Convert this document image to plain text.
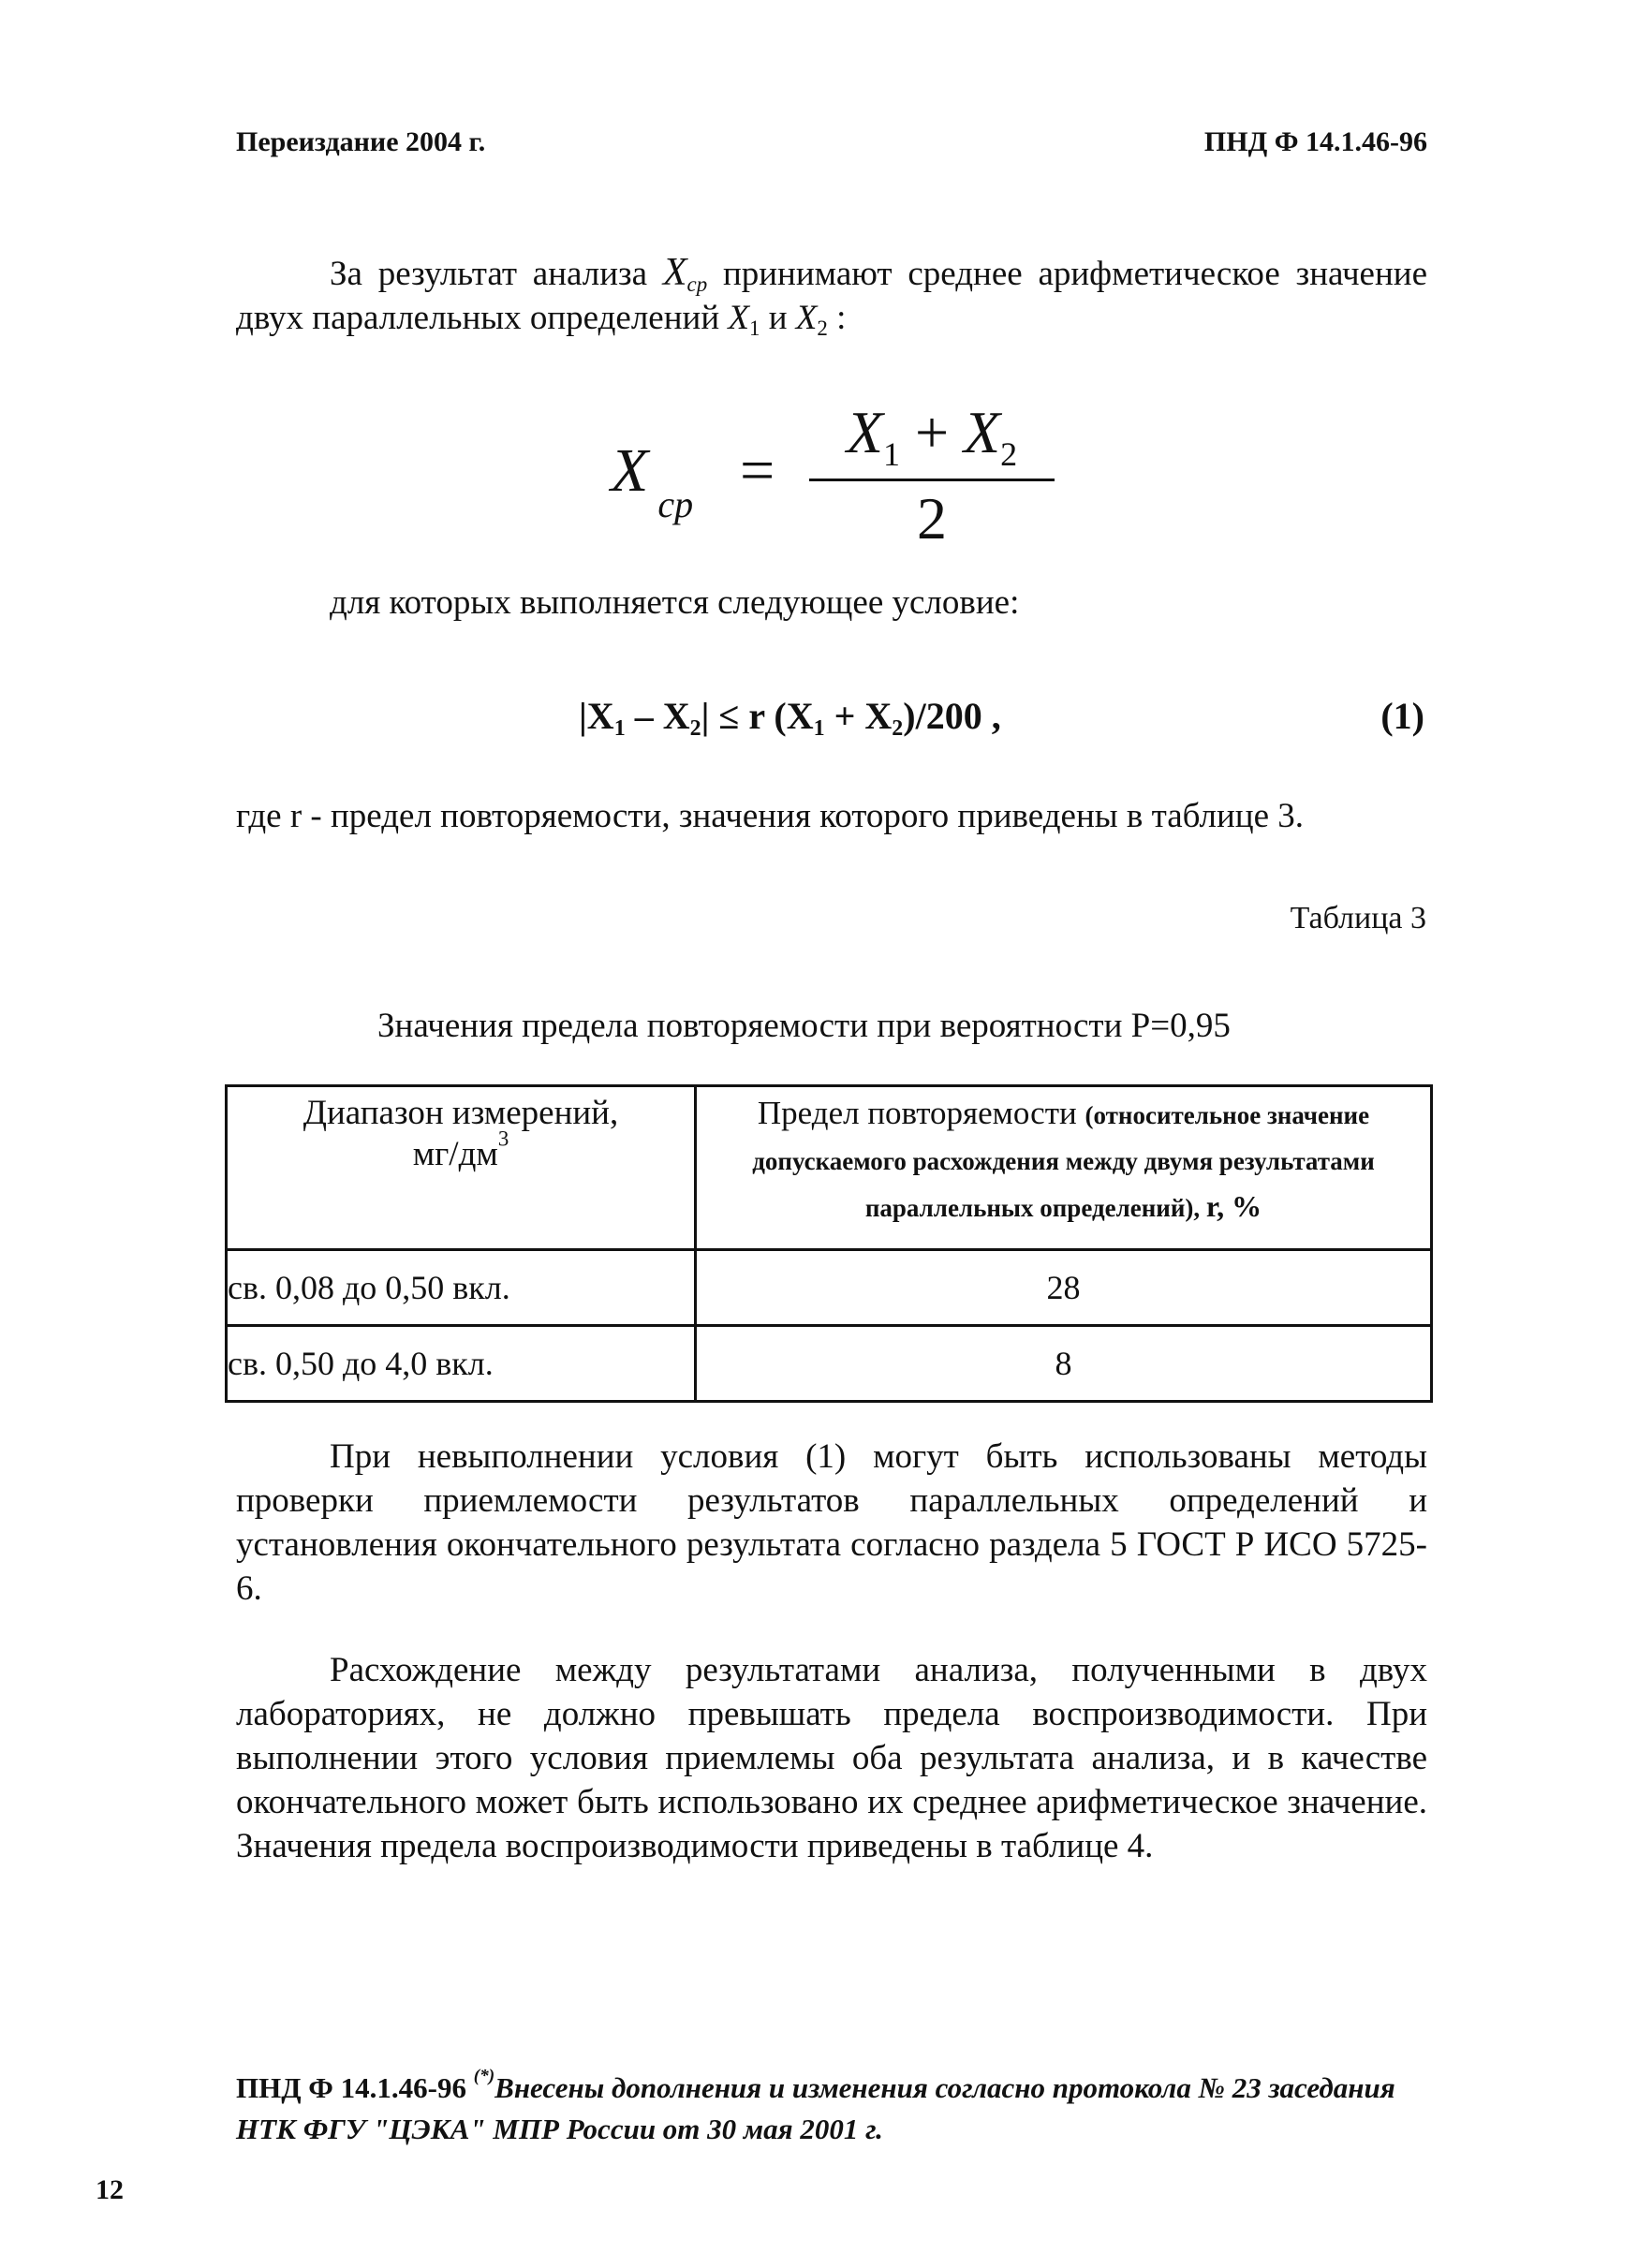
Переиздание 2004 г.	ПНД Ф 14.1.46-96

За результат анализа $X_{ср}$ принимают среднее арифметическое значение двух параллельных определений $X_1$ и $X_2$ :

X $_{ср}$ =
$X_1 + X_2$
2
для которых выполняется следующее условие:
$|X_1 - X_2| \le r$ $(X_1 + X_2)/200$ ,	(1)
где r - предел повторяемости, значения которого приведены в таблице 3.
Таблица 3
Значения предела повторяемости при вероятности Р=0,95
Диапазон измерений,
$мг/дм^3$	Предел повторяемости (относительное значение допускаемого расхождения между двумя результатами параллельных определений), r, %
св. 0,08 до 0,50 вкл.	28
св. 0,50 до 4,0 вкл.	8

При невыполнении условия (1) могут быть использованы методы проверки приемлемости результатов параллельных определений и установления окончательного результата согласно раздела 5 ГОСТ Р ИСО 5725-6.

Расхождение между результатами анализа, полученными в двух лабораториях, не должно превышать предела воспроизводимости. При выполнении этого условия приемлемы оба результата анализа, и в качестве окончательного может быть использовано их среднее арифметическое значение. Значения предела воспроизводимости приведены в таблице 4.

ПНД Ф 14.1.46-96 (*)Внесены дополнения и изменения согласно протокола № 23 заседания НТК ФГУ "ЦЭКА" МПР России от 30 мая 2001 г.
12
